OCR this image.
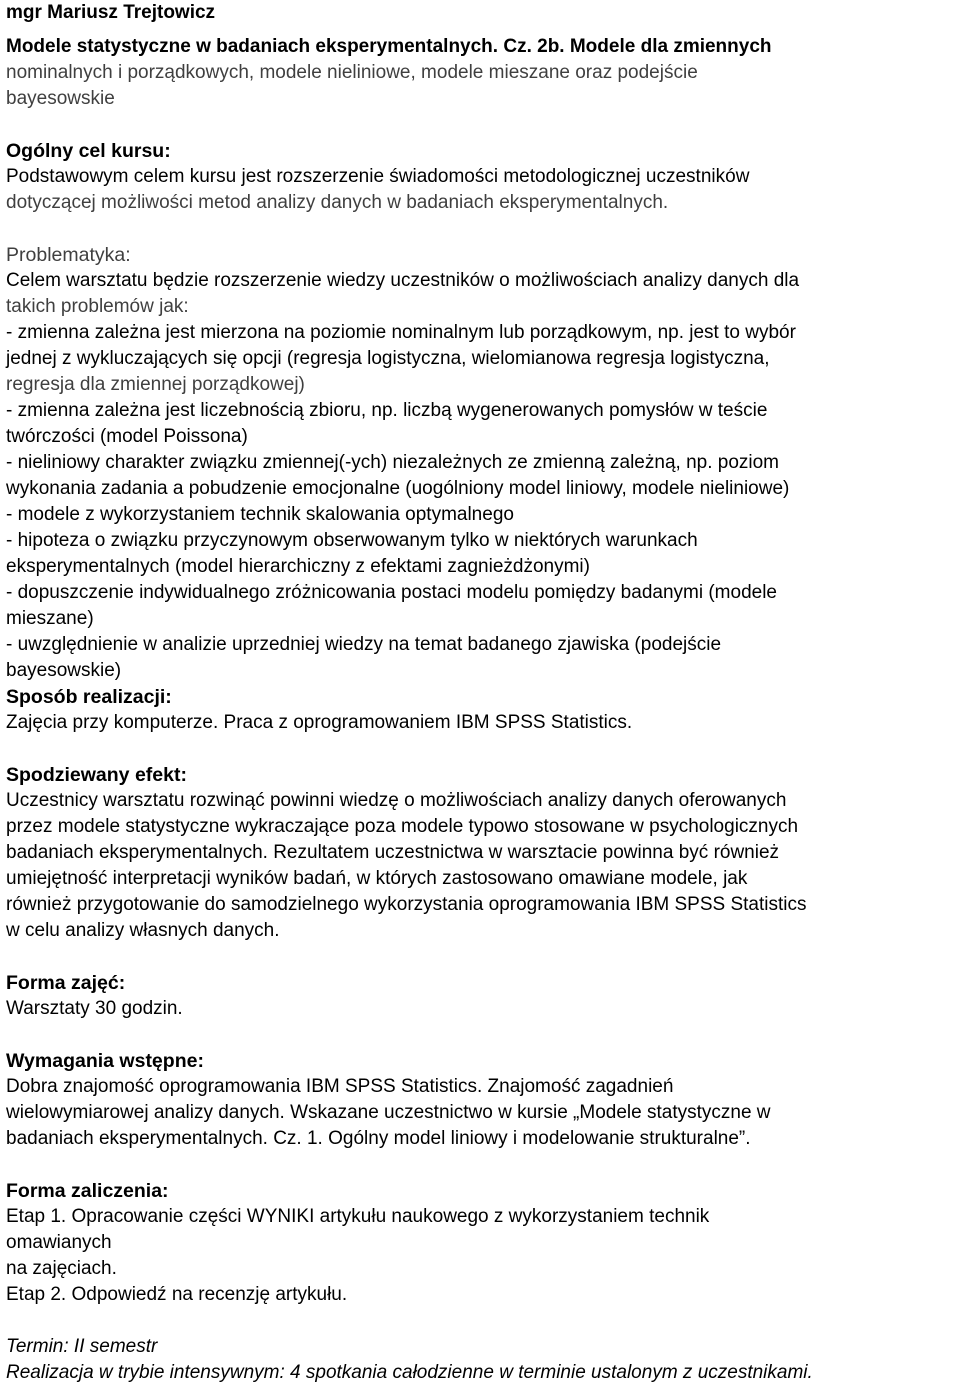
mgr Mariusz Trejtowicz
Modele statystyczne w badaniach eksperymentalnych. Cz. 2b. Modele dla zmiennych
nominalnych i porządkowych, modele nieliniowe, modele mieszane oraz podejście
bayesowskie
Ogólny cel kursu:
Podstawowym celem kursu jest rozszerzenie świadomości metodologicznej uczestników
dotyczącej możliwości metod analizy danych w badaniach eksperymentalnych.
Problematyka:
Celem warsztatu będzie rozszerzenie wiedzy uczestników o możliwościach analizy danych dla
takich problemów jak:
- zmienna zależna jest mierzona na poziomie nominalnym lub porządkowym, np. jest to wybór
jednej z wykluczających się opcji (regresja logistyczna, wielomianowa regresja logistyczna,
regresja dla zmiennej porządkowej)
- zmienna zależna jest liczebnością zbioru, np. liczbą wygenerowanych pomysłów w teście
twórczości (model Poissona)
- nieliniowy charakter związku zmiennej(-ych) niezależnych ze zmienną zależną, np. poziom
wykonania zadania a pobudzenie emocjonalne (uogólniony model liniowy, modele nieliniowe)
- modele z wykorzystaniem technik skalowania optymalnego
- hipoteza o związku przyczynowym obserwowanym tylko w niektórych warunkach
eksperymentalnych (model hierarchiczny z efektami zagnieżdżonymi)
- dopuszczenie indywidualnego zróżnicowania postaci modelu pomiędzy badanymi (modele
mieszane)
- uwzględnienie w analizie uprzedniej wiedzy na temat badanego zjawiska (podejście
bayesowskie)
Sposób realizacji:
Zajęcia przy komputerze. Praca z oprogramowaniem IBM SPSS Statistics.
Spodziewany efekt:
Uczestnicy warsztatu rozwinąć powinni wiedzę o możliwościach analizy danych oferowanych
przez modele statystyczne wykraczające poza modele typowo stosowane w psychologicznych
badaniach eksperymentalnych. Rezultatem uczestnictwa w warsztacie powinna być również
umiejętność interpretacji wyników badań, w których zastosowano omawiane modele, jak
również przygotowanie do samodzielnego wykorzystania oprogramowania IBM SPSS Statistics
w celu analizy własnych danych.
Forma zajęć:
Warsztaty 30 godzin.
Wymagania wstępne:
Dobra znajomość oprogramowania IBM SPSS Statistics. Znajomość zagadnień
wielowymiarowej analizy danych. Wskazane uczestnictwo w kursie „Modele statystyczne w
badaniach eksperymentalnych. Cz. 1. Ogólny model liniowy i modelowanie strukturalne”.
Forma zaliczenia:
Etap 1. Opracowanie części WYNIKI artykułu naukowego z wykorzystaniem technik
omawianych
na zajęciach.
Etap 2. Odpowiedź na recenzję artykułu.
Termin: II semestr
Realizacja w trybie intensywnym: 4 spotkania całodzienne w terminie ustalonym z uczestnikami.
